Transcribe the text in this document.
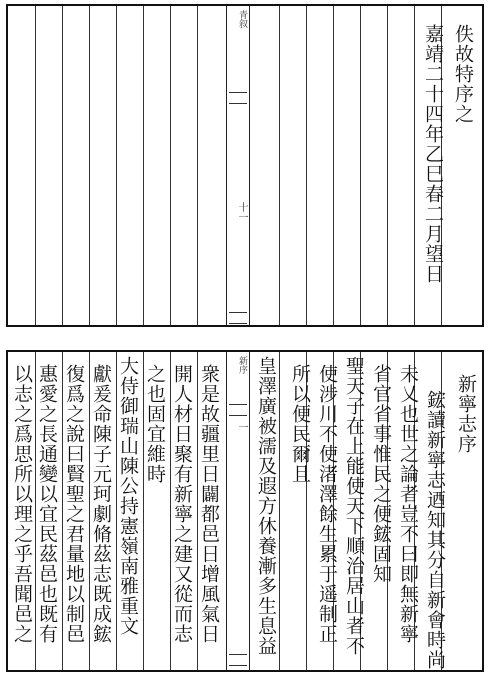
青叙
十一
佚故特序之
嘉靖二十四年乙巳春二月望日
新序
一	新寧志序
鋐讀新寧志迺知其分自新會時尚
未乂也世之論者豈不曰即無新寧
省官省事惟民之便鋐固知
聖天子在上能使天下順治居山者不
使涉川不使渚澤餘生累于遥制正
所以便民爾且
皇澤廣被濡及遐方休養漸多生息益
衆是故疆里日闢都邑日增風氣日
開人材日聚有新寧之建又從而志
之也固宜維時
大侍御瑞山陳公持憲嶺南雅重文
獻爰命陳子元珂劇脩茲志既成鋐
復爲之說曰賢聖之君量地以制邑
惠愛之長通變以宜民茲邑也既有
以志之爲思所以理之乎吾聞邑之
